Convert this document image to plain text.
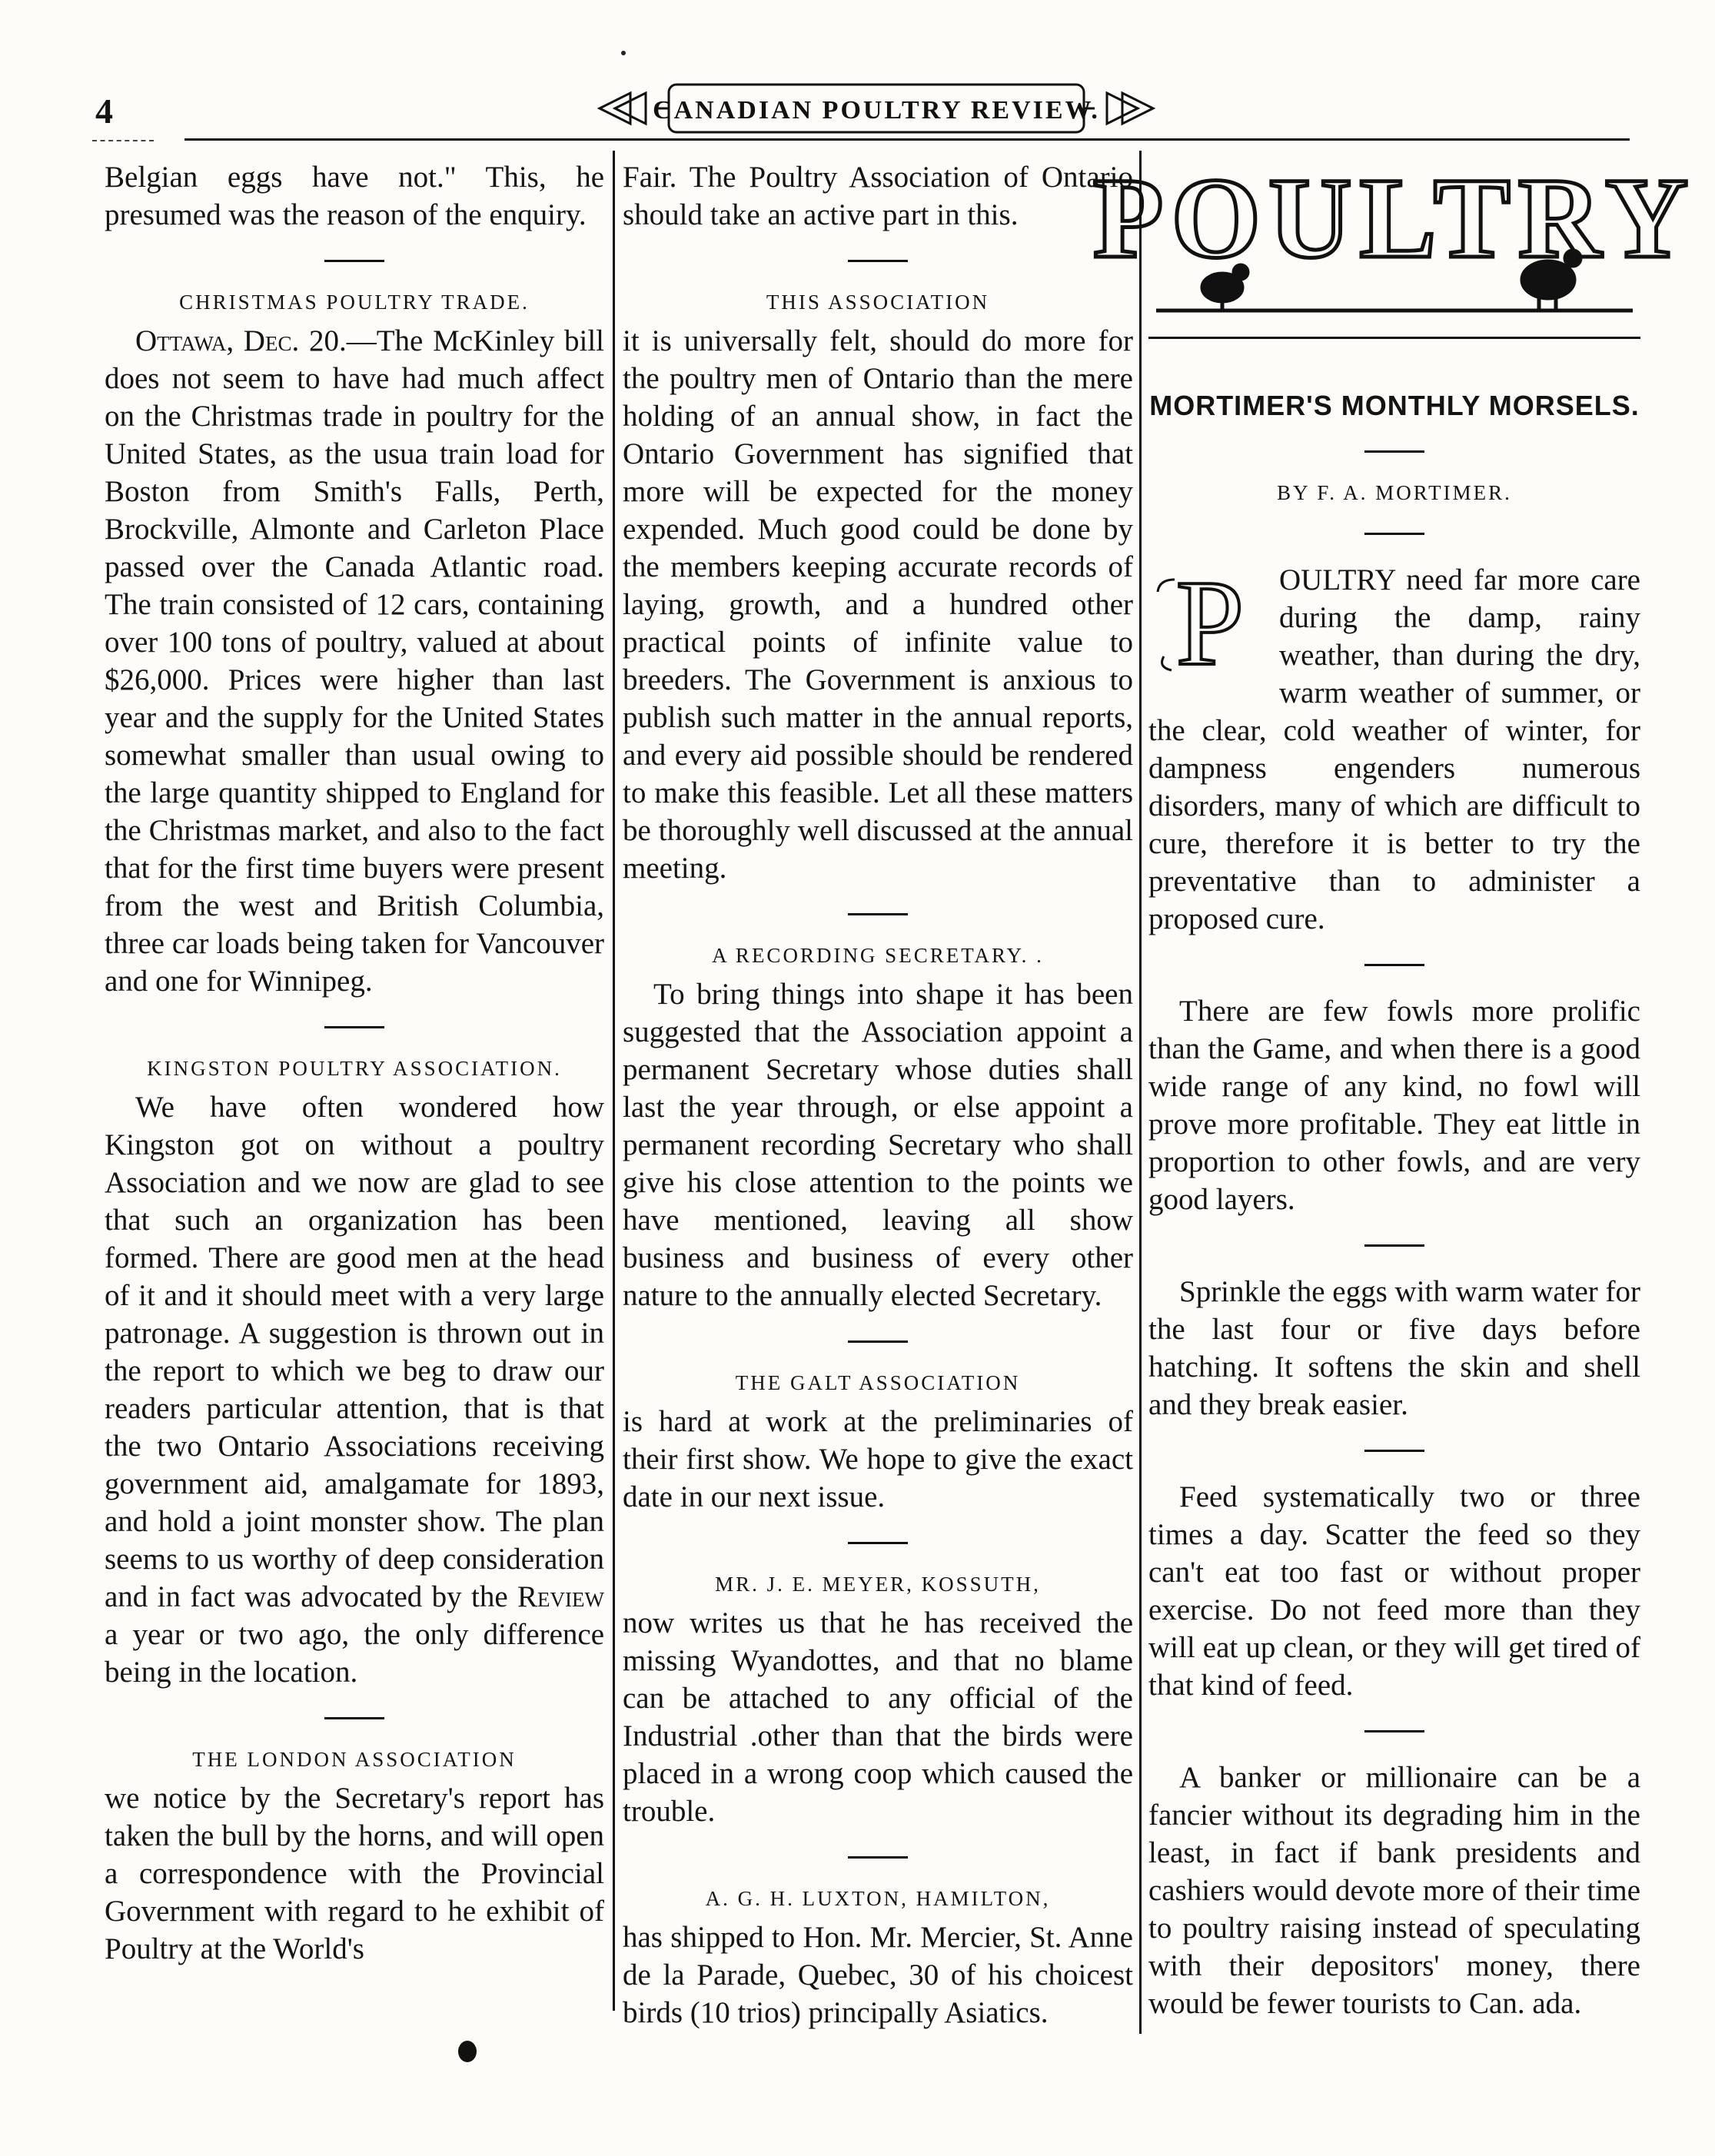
4	CANADIAN POULTRY REVIEW.

Belgian eggs have not." This, he presumed was the reason of the enquiry.

CHRISTMAS POULTRY TRADE.

Ottawa, Dec. 20.—The McKinley bill does not seem to have had much affect on the Christmas trade in poultry for the United States, as the usua train load for Boston from Smith's Falls, Perth, Brockville, Almonte and Carleton Place passed over the Canada Atlantic road. The train consisted of 12 cars, containing over 100 tons of poultry, valued at about $26,000. Prices were higher than last year and the supply for the United States somewhat smaller than usual owing to the large quantity shipped to England for the Christmas market, and also to the fact that for the first time buyers were present from the west and British Columbia, three car loads being taken for Vancouver and one for Winnipeg.

KINGSTON POULTRY ASSOCIATION.

We have often wondered how Kingston got on without a poultry Association and we now are glad to see that such an organization has been formed. There are good men at the head of it and it should meet with a very large patronage. A suggestion is thrown out in the report to which we beg to draw our readers particular attention, that is that the two Ontario Associations receiving government aid, amalgamate for 1893, and hold a joint monster show. The plan seems to us worthy of deep consideration and in fact was advocated by the Review a year or two ago, the only difference being in the location.

THE LONDON ASSOCIATION

we notice by the Secretary's report has taken the bull by the horns, and will open a correspondence with the Provincial Government with regard to he exhibit of Poultry at the World's

Fair. The Poultry Association of Ontario should take an active part in this.

THIS ASSOCIATION

it is universally felt, should do more for the poultry men of Ontario than the mere holding of an annual show, in fact the Ontario Government has signified that more will be expected for the money expended. Much good could be done by the members keeping accurate records of laying, growth, and a hundred other practical points of infinite value to breeders. The Government is anxious to publish such matter in the annual reports, and every aid possible should be rendered to make this feasible. Let all these matters be thoroughly well discussed at the annual meeting.

A RECORDING SECRETARY. .

To bring things into shape it has been suggested that the Association appoint a permanent Secretary whose duties shall last the year through, or else appoint a permanent recording Secretary who shall give his close attention to the points we have mentioned, leaving all show business and business of every other nature to the annually elected Secretary.

THE GALT ASSOCIATION

is hard at work at the preliminaries of their first show. We hope to give the exact date in our next issue.

MR. J. E. MEYER, KOSSUTH,

now writes us that he has received the missing Wyandottes, and that no blame can be attached to any official of the Industrial .other than that the birds were placed in a wrong coop which caused the trouble.

A. G. H. LUXTON, HAMILTON,

has shipped to Hon. Mr. Mercier, St. Anne de la Parade, Quebec, 30 of his choicest birds (10 trios) principally Asiatics.

POULTRY
MORTIMER'S MONTHLY MORSELS.
BY F. A. MORTIMER.
P	OULTRY need far more care during the damp, rainy weather, than during the dry, warm weather of summer, or the clear, cold weather of winter, for dampness engenders numerous disorders, many of which are difficult to cure, therefore it is better to try the preventative than to administer a proposed cure.

There are few fowls more prolific than the Game, and when there is a good wide range of any kind, no fowl will prove more profitable. They eat little in proportion to other fowls, and are very good layers.

Sprinkle the eggs with warm water for the last four or five days before hatching. It softens the skin and shell and they break easier.

Feed systematically two or three times a day. Scatter the feed so they can't eat too fast or without proper exercise. Do not feed more than they will eat up clean, or they will get tired of that kind of feed.

A banker or millionaire can be a fancier without its degrading him in the least, in fact if bank presidents and cashiers would devote more of their time to poultry raising instead of speculating with their depositors' money, there would be fewer tourists to Can. ada.
